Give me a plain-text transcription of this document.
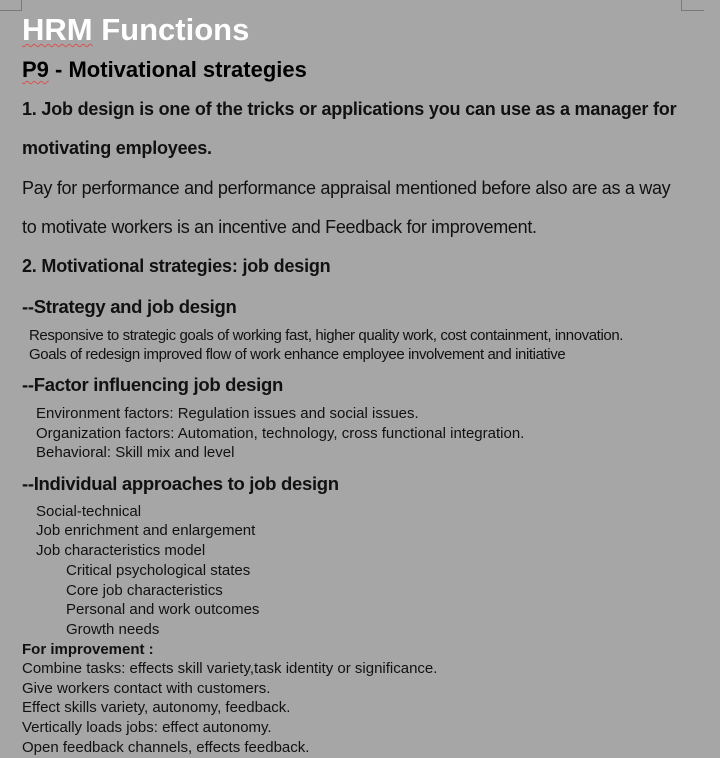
HRM Functions
P9 - Motivational strategies
1. Job design is one of the tricks or applications you can use as a manager for
motivating employees.
Pay for performance and performance appraisal mentioned before also are as a way
to motivate workers is an incentive and Feedback for improvement.
2. Motivational strategies: job design
--Strategy and job design
Responsive to strategic goals of working fast, higher quality work, cost containment, innovation.
Goals of redesign improved flow of work enhance employee involvement and initiative
--Factor influencing job design
Environment factors: Regulation issues and social issues.
Organization factors: Automation, technology, cross functional integration.
Behavioral: Skill mix and level
--Individual approaches to job design
Social-technical
Job enrichment and enlargement
Job characteristics model
Critical psychological states
Core job characteristics
Personal and work outcomes
Growth needs
For improvement :
Combine tasks: effects skill variety,task identity or significance.
Give workers contact with customers.
Effect skills variety, autonomy, feedback.
Vertically loads jobs: effect autonomy.
Open feedback channels, effects feedback.
